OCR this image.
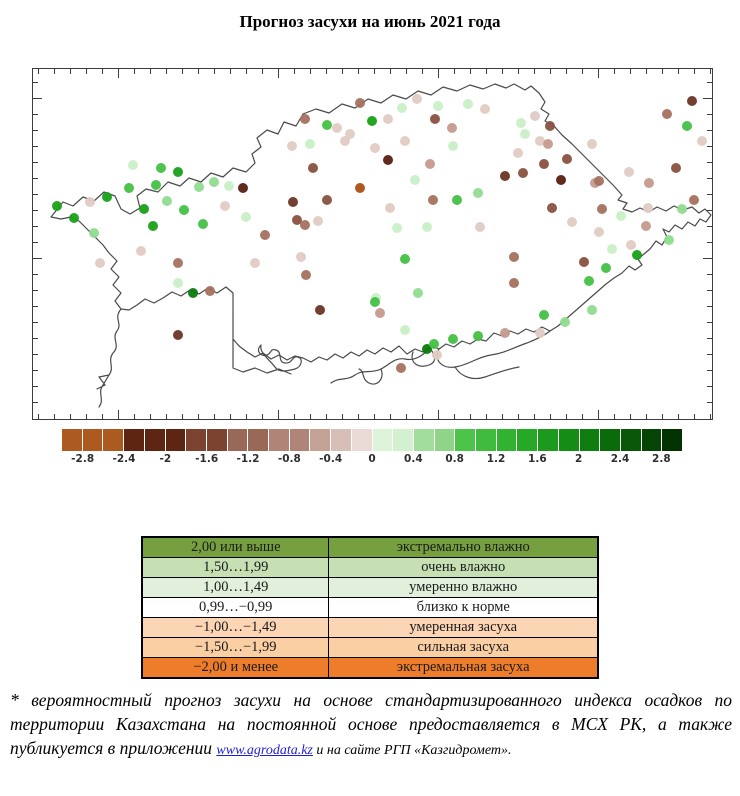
Прогноз засухи на июнь 2021 года
-2.8 -2.4 -2 -1.6 -1.2 -0.8 -0.4 0	0.4 0.8 1.2 1.6	2	2.4 2.8
2,00 или выше	экстремально влажно
1,50…1,99	очень влажно
1,00…1,49	умеренно влажно
0,99…−0,99	близко к норме
−1,00…−1,49	умеренная засуха
−1,50…−1,99	сильная засуха
−2,00 и менее	экстремальная засуха
* вероятностный прогноз засухи на основе стандартизированного индекса осадков по территории Казахстана на постоянной основе предоставляется в МСХ РК, а также публикуется в приложении www.agrodata.kz и на сайте РГП «Казгидромет».
